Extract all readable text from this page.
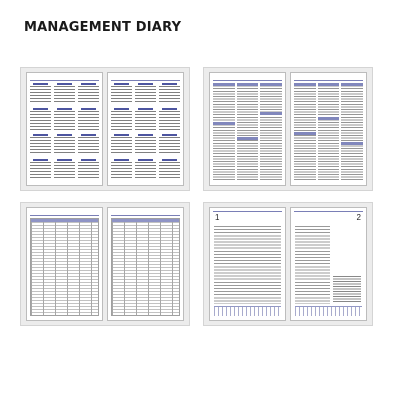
MANAGEMENT DIARY
1	2
